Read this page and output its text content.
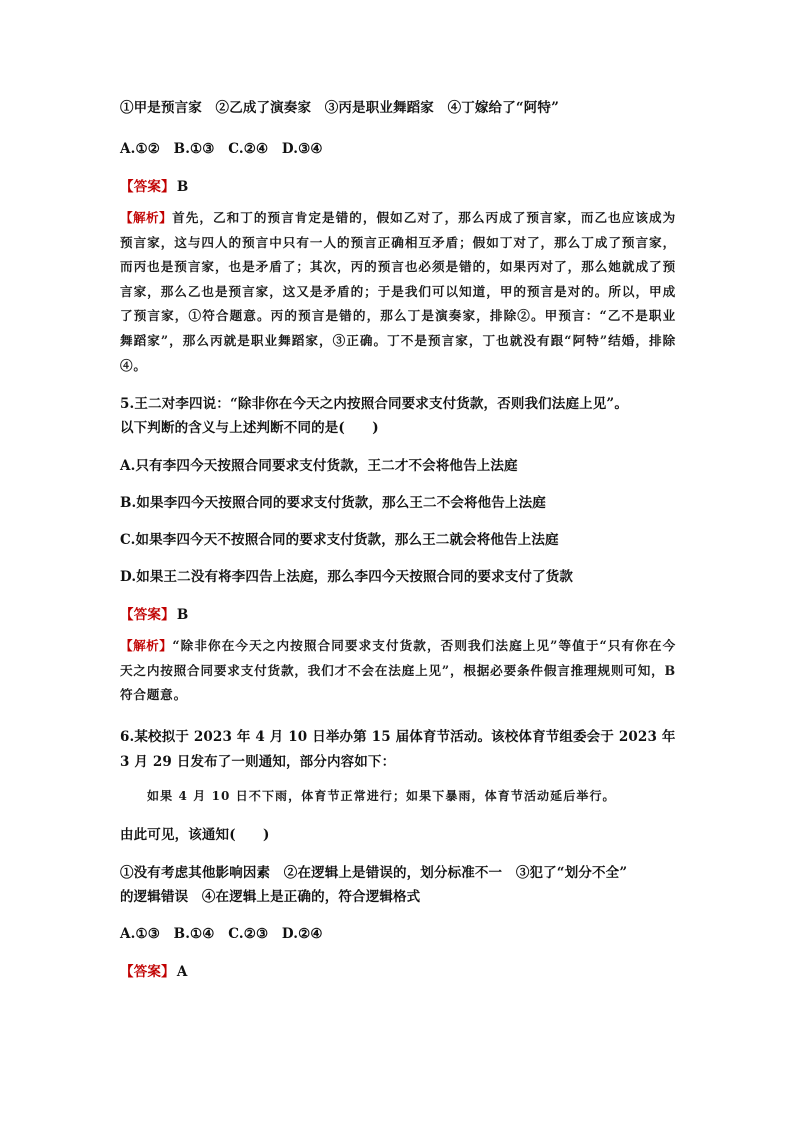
①甲是预言家　②乙成了演奏家　③丙是职业舞蹈家　④丁嫁给了“阿特”
A.①②　B.①③　C.②④　D.③④
【答案】 B
【解析】首先，乙和丁的预言肯定是错的，假如乙对了，那么丙成了预言家，而乙也应该成为预言家，这与四人的预言中只有一人的预言正确相互矛盾；假如丁对了，那么丁成了预言家，而丙也是预言家，也是矛盾了；其次，丙的预言也必须是错的，如果丙对了，那么她就成了预言家，那么乙也是预言家，这又是矛盾的；于是我们可以知道，甲的预言是对的。所以，甲成了预言家，①符合题意。丙的预言是错的，那么丁是演奏家，排除②。甲预言：“乙不是职业舞蹈家”，那么丙就是职业舞蹈家，③正确。丁不是预言家，丁也就没有跟“阿特”结婚，排除④。
5.王二对李四说：“除非你在今天之内按照合同要求支付货款，否则我们法庭上见”。
以下判断的含义与上述判断不同的是(　　)
A.只有李四今天按照合同要求支付货款，王二才不会将他告上法庭
B.如果李四今天按照合同的要求支付货款，那么王二不会将他告上法庭
C.如果李四今天不按照合同的要求支付货款，那么王二就会将他告上法庭
D.如果王二没有将李四告上法庭，那么李四今天按照合同的要求支付了货款
【答案】 B
【解析】“除非你在今天之内按照合同要求支付货款，否则我们法庭上见”等值于“只有你在今天之内按照合同要求支付货款，我们才不会在法庭上见”，根据必要条件假言推理规则可知，B符合题意。
6.某校拟于 2023 年 4 月 10 日举办第 15 届体育节活动。该校体育节组委会于 2023 年
3 月 29 日发布了一则通知，部分内容如下：
如果 4 月 10 日不下雨，体育节正常进行；如果下暴雨，体育节活动延后举行。
由此可见，该通知(　　)
①没有考虑其他影响因素　②在逻辑上是错误的，划分标准不一　③犯了“划分不全”
的逻辑错误　④在逻辑上是正确的，符合逻辑格式
A.①③　B.①④　C.②③　D.②④
【答案】 A
